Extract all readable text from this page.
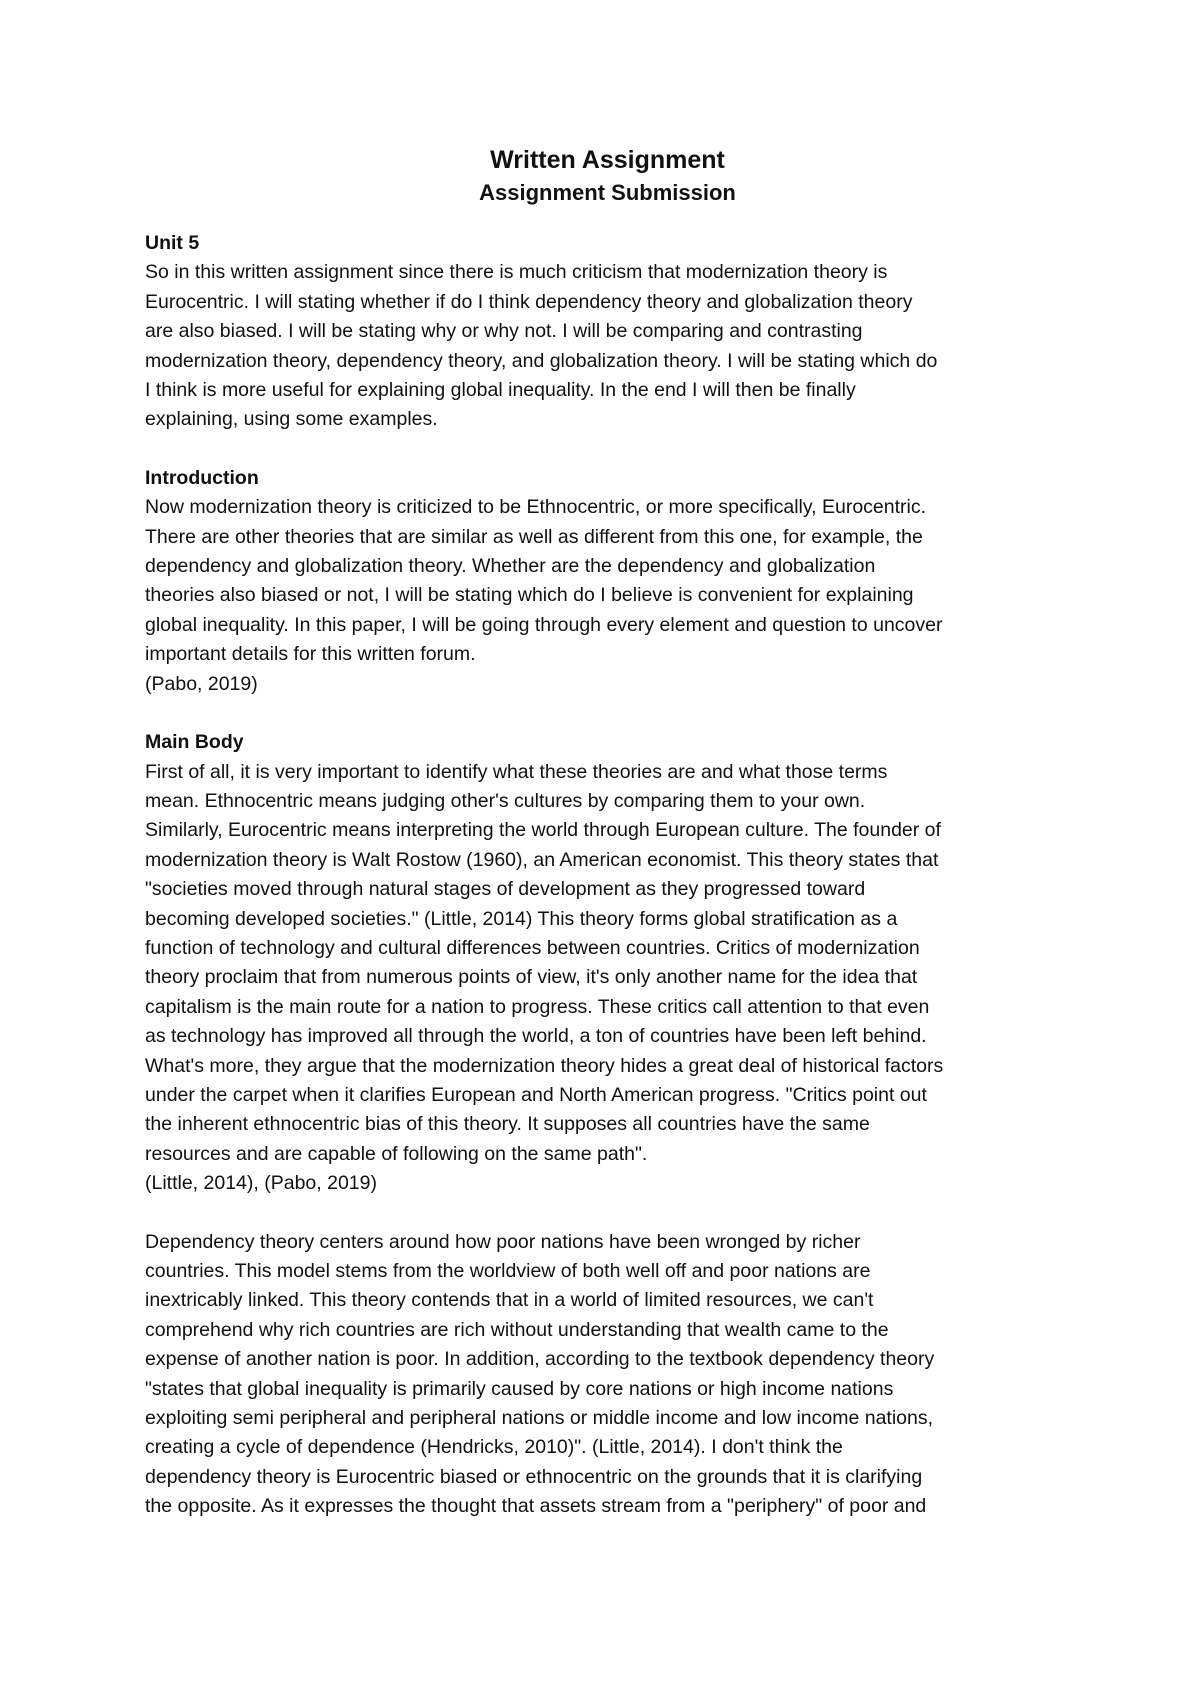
Written Assignment
Assignment Submission

Unit 5

So in this written assignment since there is much criticism that modernization theory is
Eurocentric. I will stating whether if do I think dependency theory and globalization theory
are also biased. I will be stating why or why not. I will be comparing and contrasting
modernization theory, dependency theory, and globalization theory. I will be stating which do
I think is more useful for explaining global inequality. In the end I will then be finally
explaining, using some examples.

Introduction

Now modernization theory is criticized to be Ethnocentric, or more specifically, Eurocentric.
There are other theories that are similar as well as different from this one, for example, the
dependency and globalization theory. Whether are the dependency and globalization
theories also biased or not, I will be stating which do I believe is convenient for explaining
global inequality. In this paper, I will be going through every element and question to uncover
important details for this written forum.

(Pabo, 2019)

Main Body

First of all, it is very important to identify what these theories are and what those terms
mean. Ethnocentric means judging other's cultures by comparing them to your own.
Similarly, Eurocentric means interpreting the world through European culture. The founder of
modernization theory is Walt Rostow (1960), an American economist. This theory states that
"societies moved through natural stages of development as they progressed toward
becoming developed societies." (Little, 2014) This theory forms global stratification as a
function of technology and cultural differences between countries. Critics of modernization
theory proclaim that from numerous points of view, it's only another name for the idea that
capitalism is the main route for a nation to progress. These critics call attention to that even
as technology has improved all through the world, a ton of countries have been left behind.
What's more, they argue that the modernization theory hides a great deal of historical factors
under the carpet when it clarifies European and North American progress. "Critics point out
the inherent ethnocentric bias of this theory. It supposes all countries have the same
resources and are capable of following on the same path".

(Little, 2014), (Pabo, 2019)

Dependency theory centers around how poor nations have been wronged by richer
countries. This model stems from the worldview of both well off and poor nations are
inextricably linked. This theory contends that in a world of limited resources, we can't
comprehend why rich countries are rich without understanding that wealth came to the
expense of another nation is poor. In addition, according to the textbook dependency theory
"states that global inequality is primarily caused by core nations or high income nations
exploiting semi peripheral and peripheral nations or middle income and low income nations,
creating a cycle of dependence (Hendricks, 2010)". (Little, 2014). I don't think the
dependency theory is Eurocentric biased or ethnocentric on the grounds that it is clarifying
the opposite. As it expresses the thought that assets stream from a "periphery" of poor and
